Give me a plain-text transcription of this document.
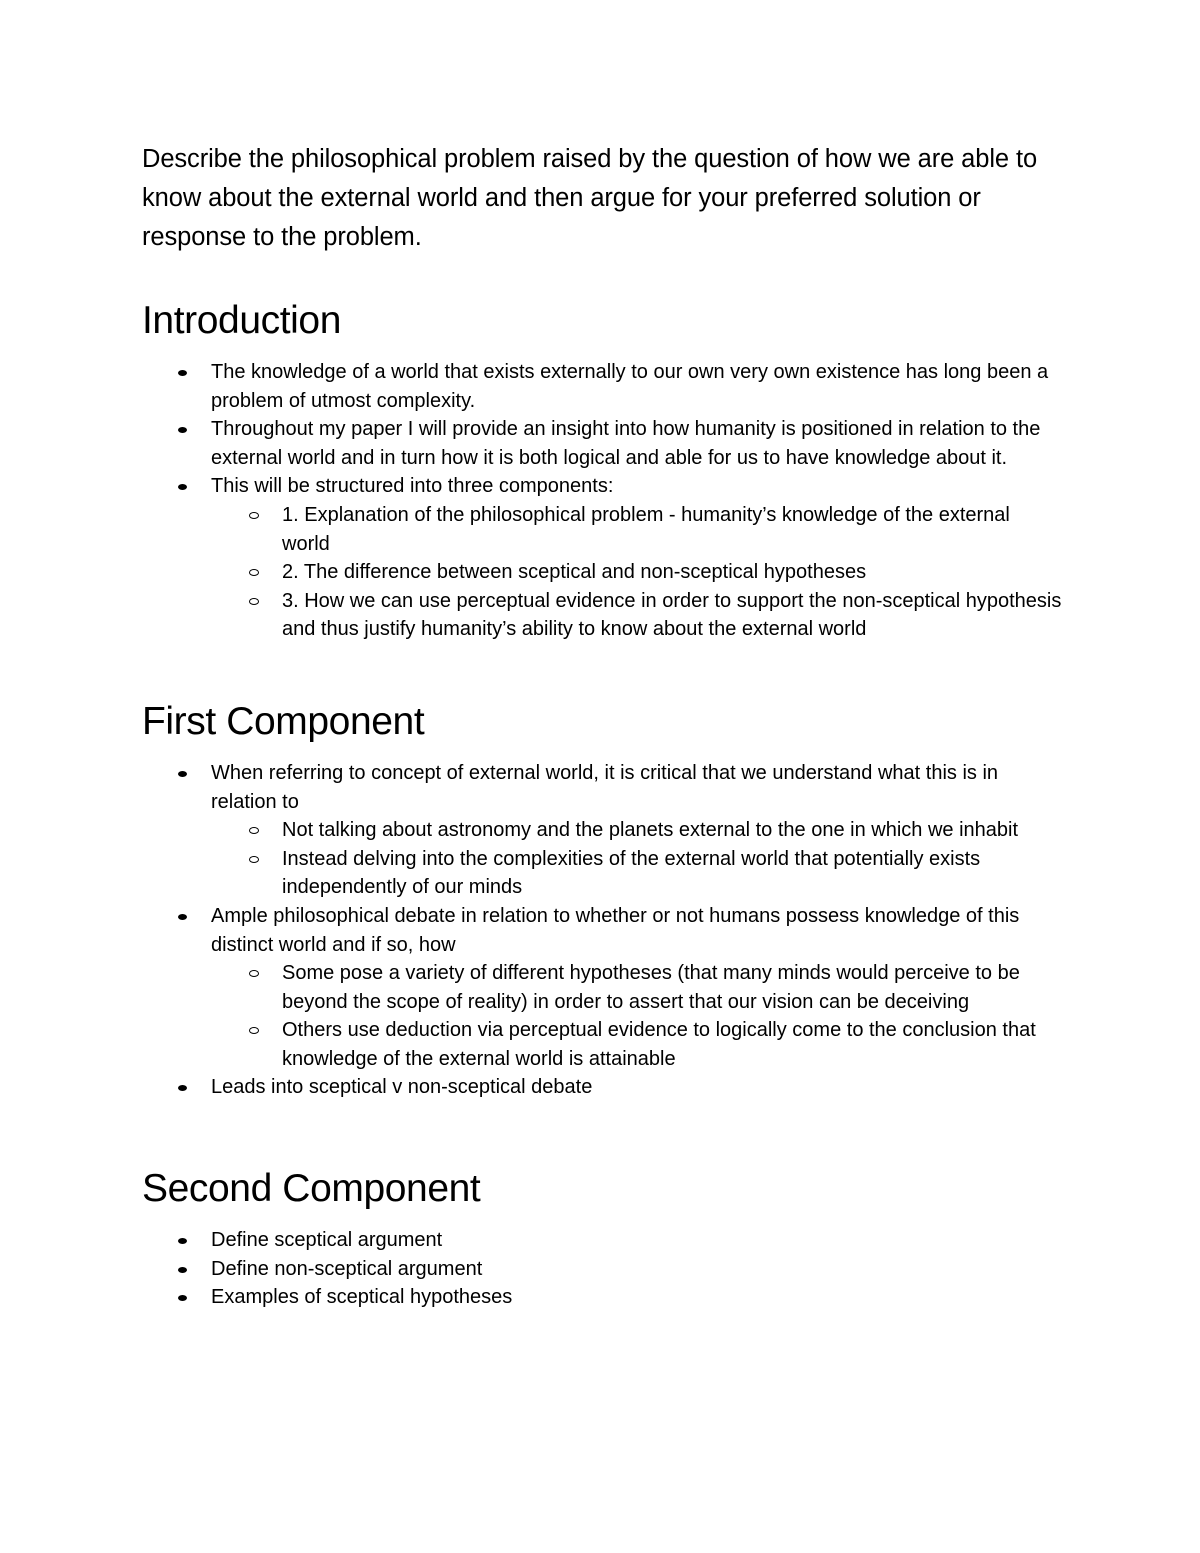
Describe the philosophical problem raised by the question of how we are able to know about the external world and then argue for your preferred solution or response to the problem.

Introduction
The knowledge of a world that exists externally to our own very own existence has long been a problem of utmost complexity.
Throughout my paper I will provide an insight into how humanity is positioned in relation to the external world and in turn how it is both logical and able for us to have knowledge about it.
This will be structured into three components:
1. Explanation of the philosophical problem - humanity’s knowledge of the external world
2. The difference between sceptical and non-sceptical hypotheses
3. How we can use perceptual evidence in order to support the non-sceptical hypothesis and thus justify humanity’s ability to know about the external world
First Component
When referring to concept of external world, it is critical that we understand what this is in relation to
Not talking about astronomy and the planets external to the one in which we inhabit
Instead delving into the complexities of the external world that potentially exists independently of our minds
Ample philosophical debate in relation to whether or not humans possess knowledge of this distinct world and if so, how
Some pose a variety of different hypotheses (that many minds would perceive to be beyond the scope of reality) in order to assert that our vision can be deceiving
Others use deduction via perceptual evidence to logically come to the conclusion that knowledge of the external world is attainable
Leads into sceptical v non-sceptical debate
Second Component
Define sceptical argument
Define non-sceptical argument
Examples of sceptical hypotheses
